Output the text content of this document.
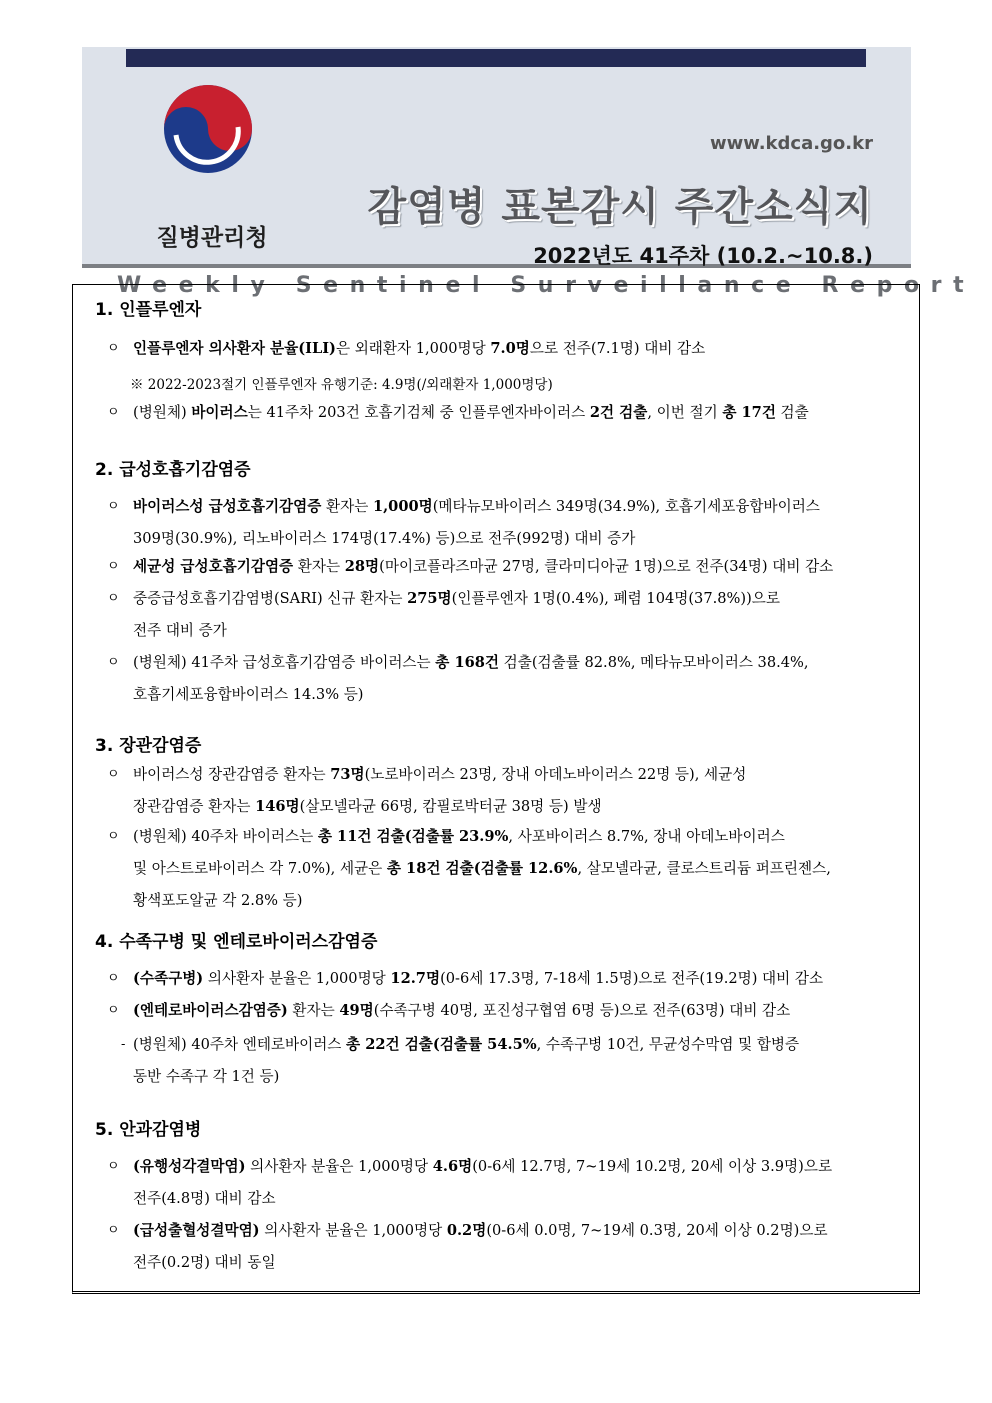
질병관리청
www.kdca.go.kr
감염병 표본감시 주간소식지
2022년도 41주차 (10.2.~10.8.)
Weekly Sentinel Surveillance Report
1. 인플루엔자
ㅇ 인플루엔자 의사환자 분율(ILI)은 외래환자 1,000명당 7.0명으로 전주(7.1명) 대비 감소
※ 2022-2023절기 인플루엔자 유행기준: 4.9명(/외래환자 1,000명당)
ㅇ (병원체) 바이러스는 41주차 203건 호흡기검체 중 인플루엔자바이러스 2건 검출, 이번 절기 총 17건 검출
2. 급성호흡기감염증
ㅇ 바이러스성 급성호흡기감염증 환자는 1,000명(메타뉴모바이러스 349명(34.9%), 호흡기세포융합바이러스
309명(30.9%), 리노바이러스 174명(17.4%) 등)으로 전주(992명) 대비 증가
ㅇ 세균성 급성호흡기감염증 환자는 28명(마이코플라즈마균 27명, 클라미디아균 1명)으로 전주(34명) 대비 감소
ㅇ 중증급성호흡기감염병(SARI) 신규 환자는 275명(인플루엔자 1명(0.4%), 폐렴 104명(37.8%))으로
전주 대비 증가
ㅇ (병원체) 41주차 급성호흡기감염증 바이러스는 총 168건 검출(검출률 82.8%, 메타뉴모바이러스 38.4%,
호흡기세포융합바이러스 14.3% 등)
3. 장관감염증
ㅇ 바이러스성 장관감염증 환자는 73명(노로바이러스 23명, 장내 아데노바이러스 22명 등), 세균성
장관감염증 환자는 146명(살모넬라균 66명, 캄필로박터균 38명 등) 발생
ㅇ (병원체) 40주차 바이러스는 총 11건 검출(검출률 23.9%, 사포바이러스 8.7%, 장내 아데노바이러스
및 아스트로바이러스 각 7.0%), 세균은 총 18건 검출(검출률 12.6%, 살모넬라균, 클로스트리듐 퍼프린젠스,
황색포도알균 각 2.8% 등)
4. 수족구병 및 엔테로바이러스감염증
ㅇ (수족구병) 의사환자 분율은 1,000명당 12.7명(0-6세 17.3명, 7-18세 1.5명)으로 전주(19.2명) 대비 감소
ㅇ (엔테로바이러스감염증) 환자는 49명(수족구병 40명, 포진성구협염 6명 등)으로 전주(63명) 대비 감소
- (병원체) 40주차 엔테로바이러스 총 22건 검출(검출률 54.5%, 수족구병 10건, 무균성수막염 및 합병증
동반 수족구 각 1건 등)
5. 안과감염병
ㅇ (유행성각결막염) 의사환자 분율은 1,000명당 4.6명(0-6세 12.7명, 7~19세 10.2명, 20세 이상 3.9명)으로
전주(4.8명) 대비 감소
ㅇ (급성출혈성결막염) 의사환자 분율은 1,000명당 0.2명(0-6세 0.0명, 7~19세 0.3명, 20세 이상 0.2명)으로
전주(0.2명) 대비 동일
